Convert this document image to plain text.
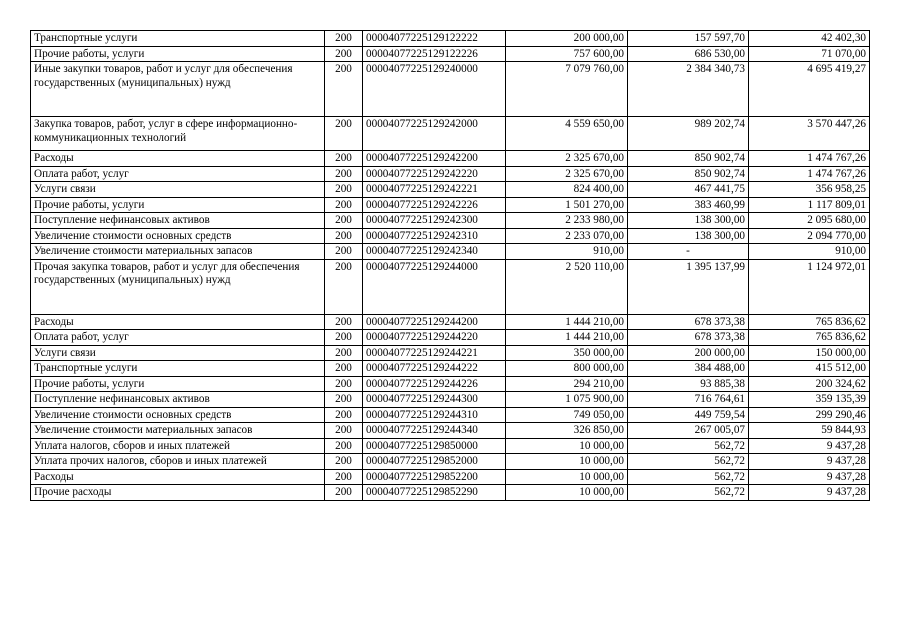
Транспортные услуги	200	00004077225129122222	200 000,00	157 597,70	42 402,30
Прочие работы, услуги	200	00004077225129122226	757 600,00	686 530,00	71 070,00
Иные закупки товаров, работ и услуг для обеспечения государственных (муниципальных) нужд	200	00004077225129240000	7 079 760,00	2 384 340,73	4 695 419,27
Закупка товаров, работ, услуг в сфере информационно-коммуникационных технологий	200	00004077225129242000	4 559 650,00	989 202,74	3 570 447,26
Расходы	200	00004077225129242200	2 325 670,00	850 902,74	1 474 767,26
Оплата работ, услуг	200	00004077225129242220	2 325 670,00	850 902,74	1 474 767,26
Услуги связи	200	00004077225129242221	824 400,00	467 441,75	356 958,25
Прочие работы, услуги	200	00004077225129242226	1 501 270,00	383 460,99	1 117 809,01
Поступление нефинансовых активов	200	00004077225129242300	2 233 980,00	138 300,00	2 095 680,00
Увеличение стоимости основных средств	200	00004077225129242310	2 233 070,00	138 300,00	2 094 770,00
Увеличение стоимости материальных запасов	200	00004077225129242340	910,00	-	910,00
Прочая закупка товаров, работ и услуг для обеспечения государственных (муниципальных) нужд	200	00004077225129244000	2 520 110,00	1 395 137,99	1 124 972,01
Расходы	200	00004077225129244200	1 444 210,00	678 373,38	765 836,62
Оплата работ, услуг	200	00004077225129244220	1 444 210,00	678 373,38	765 836,62
Услуги связи	200	00004077225129244221	350 000,00	200 000,00	150 000,00
Транспортные услуги	200	00004077225129244222	800 000,00	384 488,00	415 512,00
Прочие работы, услуги	200	00004077225129244226	294 210,00	93 885,38	200 324,62
Поступление нефинансовых активов	200	00004077225129244300	1 075 900,00	716 764,61	359 135,39
Увеличение стоимости основных средств	200	00004077225129244310	749 050,00	449 759,54	299 290,46
Увеличение стоимости материальных запасов	200	00004077225129244340	326 850,00	267 005,07	59 844,93
Уплата налогов, сборов и иных платежей	200	00004077225129850000	10 000,00	562,72	9 437,28
Уплата прочих налогов, сборов и иных платежей	200	00004077225129852000	10 000,00	562,72	9 437,28
Расходы	200	00004077225129852200	10 000,00	562,72	9 437,28
Прочие расходы	200	00004077225129852290	10 000,00	562,72	9 437,28
